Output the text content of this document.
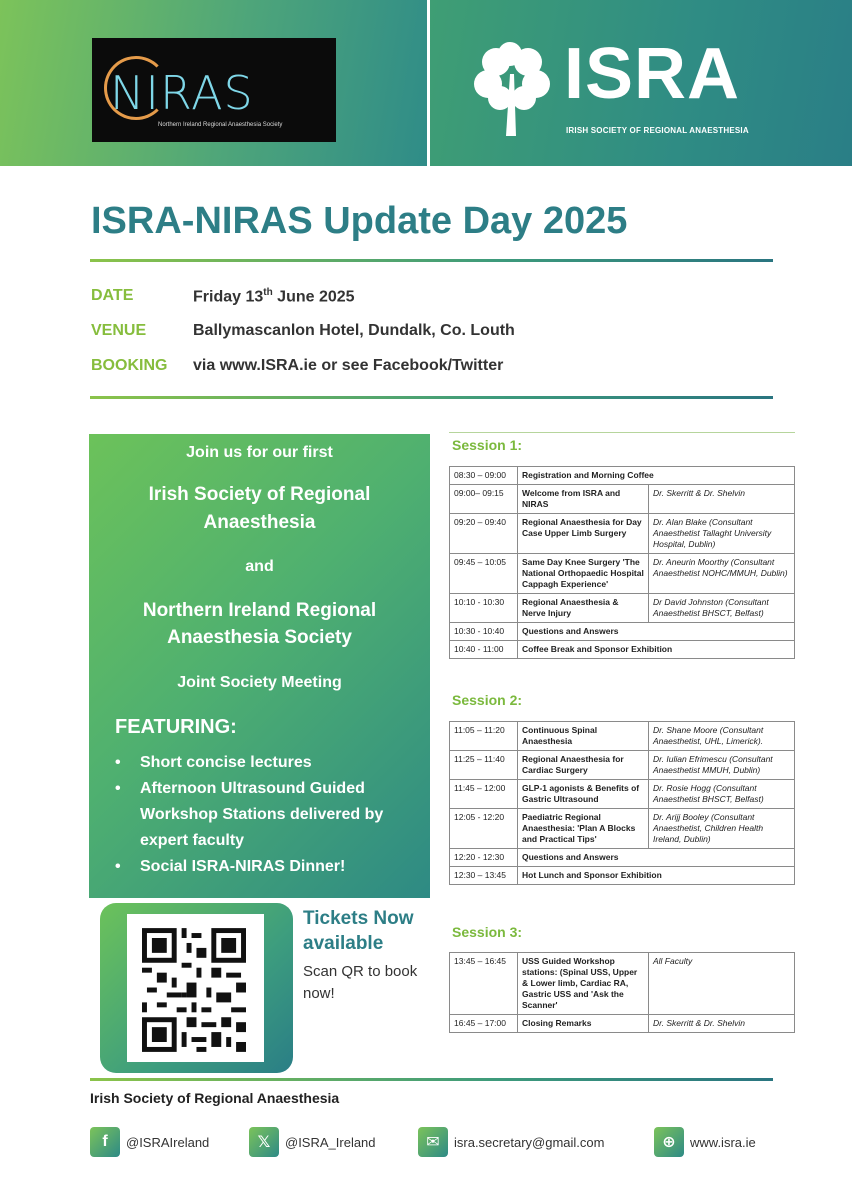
NIRAS
Northern Ireland Regional Anaesthesia Society
ISRA
IRISH SOCIETY OF REGIONAL ANAESTHESIA
ISRA-NIRAS Update Day 2025
DATE	Friday 13th June 2025
VENUE	Ballymascanlon Hotel, Dundalk, Co. Louth
BOOKING via www.ISRA.ie or see Facebook/Twitter
Join us for our first
Irish Society of Regional
Anaesthesia
and
Northern Ireland Regional
Anaesthesia Society
Joint Society Meeting
FEATURING:
• Short concise lectures
• Afternoon Ultrasound Guided Workshop Stations delivered by expert faculty
• Social ISRA-NIRAS Dinner!
Tickets Now available
Scan QR to book now!
Session 1:
08:30 – 09:00	Registration and Morning Coffee	
09:00– 09:15	Welcome from ISRA and NIRAS	Dr. Skerritt & Dr. Shelvin
09:20 – 09:40	Regional Anaesthesia for Day Case Upper Limb Surgery	Dr. Alan Blake (Consultant Anaesthetist Tallaght University Hospital, Dublin)
09:45 – 10:05	Same Day Knee Surgery 'The National Orthopaedic Hospital Cappagh Experience'	Dr. Aneurin Moorthy (Consultant Anaesthetist NOHC/MMUH, Dublin)
10:10 - 10:30	Regional Anaesthesia & Nerve Injury	Dr David Johnston (Consultant Anaesthetist BHSCT, Belfast)
10:30 - 10:40	Questions and Answers	
10:40 - 11:00	Coffee Break and Sponsor Exhibition	
Session 2:
11:05 – 11:20	Continuous Spinal Anaesthesia	Dr. Shane Moore (Consultant Anaesthetist, UHL, Limerick).
11:25 – 11:40	Regional Anaesthesia for Cardiac Surgery	Dr. Iulian Efrimescu (Consultant Anaesthetist MMUH, Dublin)
11:45 – 12:00	GLP-1 agonists & Benefits of Gastric Ultrasound	Dr. Rosie Hogg (Consultant Anaesthetist BHSCT, Belfast)
12:05 - 12:20	Paediatric Regional Anaesthesia: 'Plan A Blocks and Practical Tips'	Dr. Arijj Booley (Consultant Anaesthetist, Children Health Ireland, Dublin)
12:20 - 12:30	Questions and Answers	
12:30 – 13:45	Hot Lunch and Sponsor Exhibition	
Session 3:
13:45 – 16:45	USS Guided Workshop stations: (Spinal USS, Upper & Lower limb, Cardiac RA, Gastric USS and 'Ask the Scanner'	All Faculty
16:45 – 17:00	Closing Remarks	Dr. Skerritt & Dr. Shelvin
Irish Society of Regional Anaesthesia
f	@ISRAIreland	𝕏	@ISRA_Ireland	✉	isra.secretary@gmail.com	⊕	www.isra.ie
